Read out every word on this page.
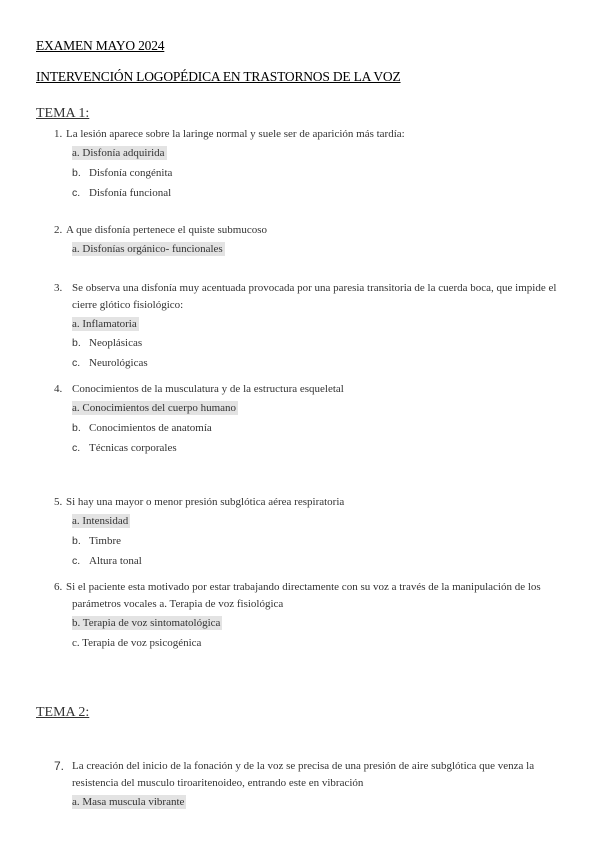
EXAMEN MAYO 2024
INTERVENCIÓN LOGOPÉDICA EN TRASTORNOS DE LA VOZ
TEMA 1:
1. La lesión aparece sobre la laringe normal y suele ser de aparición más tardía:
a. Disfonía adquirida
b. Disfonía congénita
c. Disfonía funcional
2. A que disfonía pertenece el quiste submucoso
a. Disfonías orgánico- funcionales
3. Se observa una disfonía muy acentuada provocada por una paresia transitoria de la cuerda boca, que impide el cierre glótico fisiológico:
a. Inflamatoria
b. Neoplásicas
c. Neurológicas
4. Conocimientos de la musculatura y de la estructura esqueletal
a. Conocimientos del cuerpo humano
b. Conocimientos de anatomía
c. Técnicas corporales
5. Si hay una mayor o menor presión subglótica aérea respiratoria
a. Intensidad
b. Timbre
c. Altura tonal
6. Si el paciente esta motivado por estar trabajando directamente con su voz a través de la manipulación de los parámetros vocales a. Terapia de voz fisiológica
b. Terapia de voz sintomatológica
c. Terapia de voz psicogénica
TEMA 2:
7. La creación del inicio de la fonación y de la voz se precisa de una presión de aire subglótica que venza la resistencia del musculo tiroaritenoideo, entrando este en vibración
a. Masa muscula vibrante
